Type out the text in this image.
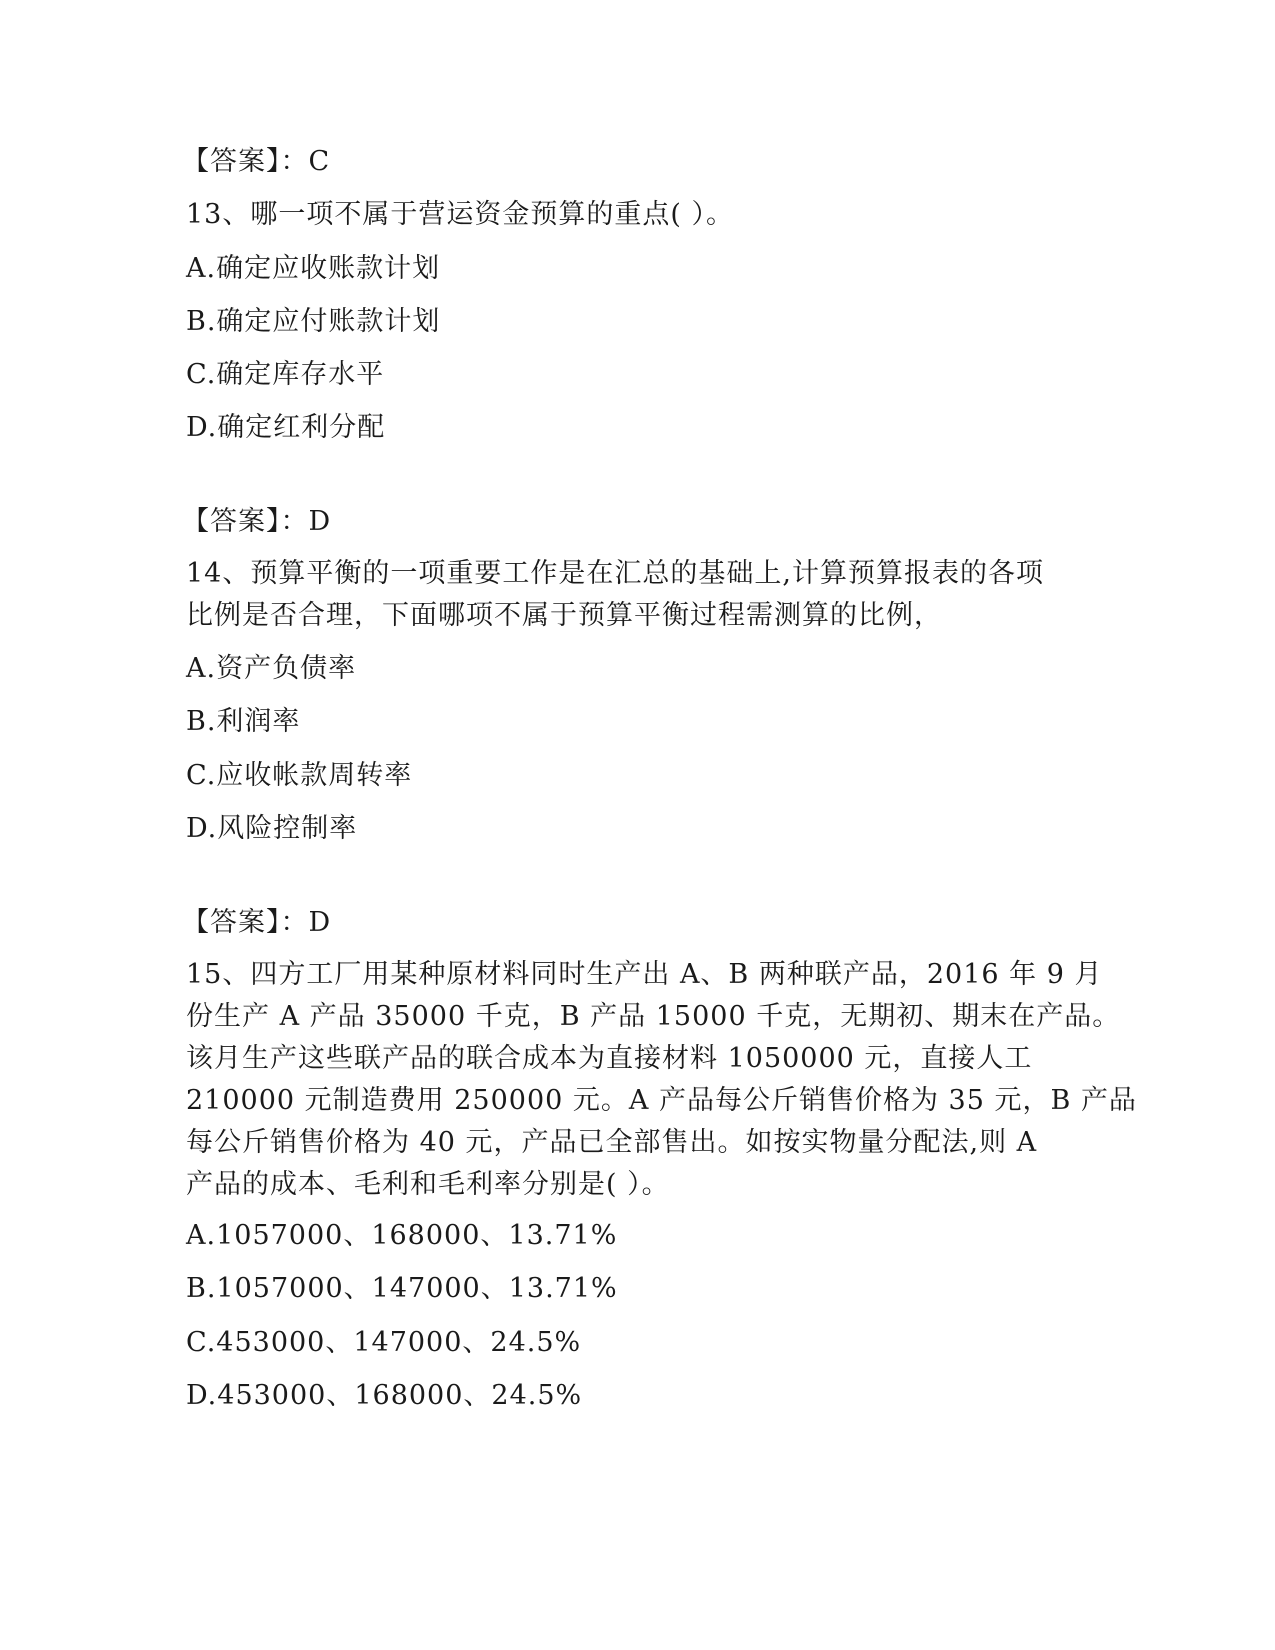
【答案】：C
13、哪一项不属于营运资金预算的重点( ）。
A.确定应收账款计划
B.确定应付账款计划
C.确定库存水平
D.确定红利分配
【答案】：D
14、预算平衡的一项重要工作是在汇总的基础上,计算预算报表的各项
比例是否合理，下面哪项不属于预算平衡过程需测算的比例，
A.资产负债率
B.利润率
C.应收帐款周转率
D.风险控制率
【答案】：D
15、四方工厂用某种原材料同时生产出 A、B 两种联产品，2016 年 9 月
份生产 A 产品 35000 千克，B 产品 15000 千克，无期初、期末在产品。
该月生产这些联产品的联合成本为直接材料 1050000 元，直接人工
210000 元制造费用 250000 元。A 产品每公斤销售价格为 35 元，B 产品
每公斤销售价格为 40 元，产品已全部售出。如按实物量分配法,则 A
产品的成本、毛利和毛利率分别是( ）。
A.1057000、168000、13.71%
B.1057000、147000、13.71%
C.453000、147000、24.5%
D.453000、168000、24.5%
